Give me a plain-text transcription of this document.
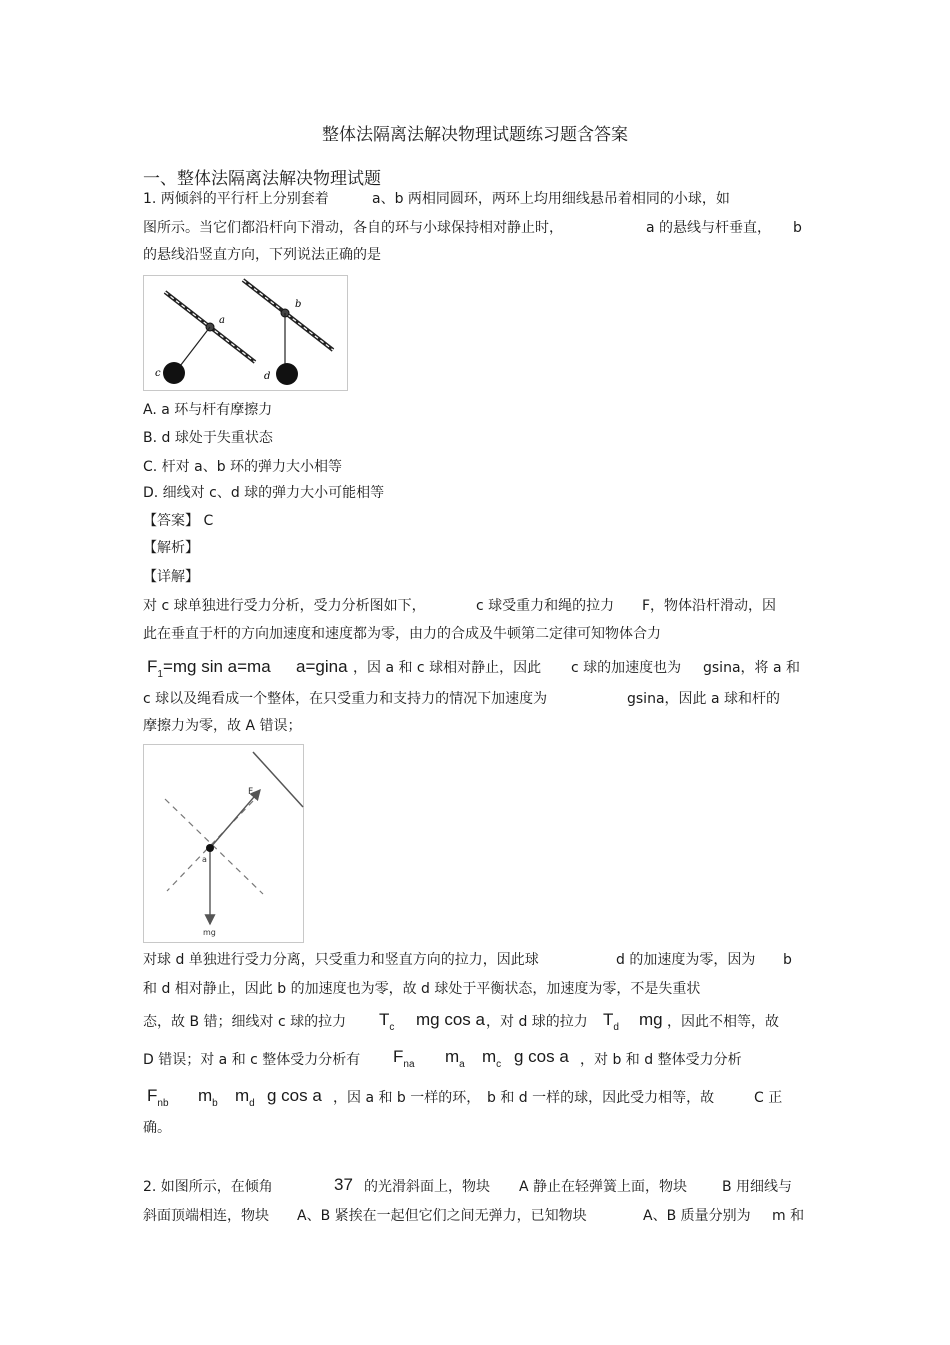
整体法隔离法解决物理试题练习题含答案
一、整体法隔离法解决物理试题
1. 两倾斜的平行杆上分别套着	a、b 两相同圆环，两环上均用细线悬吊着相同的小球，如
图所示。当它们都沿杆向下滑动，各自的环与小球保持相对静止时，	a 的悬线与杆垂直， b
的悬线沿竖直方向，下列说法正确的是
c
a
b
d
A. a 环与杆有摩擦力
B. d 球处于失重状态
C. 杆对 a、b 环的弹力大小相等
D. 细线对 c、d 球的弹力大小可能相等
【答案】 C
【解析】
【详解】
对 c 球单独进行受力分析，受力分析图如下，	c 球受重力和绳的拉力 F，物体沿杆滑动，因
此在垂直于杆的方向加速度和速度都为零，由力的合成及牛顿第二定律可知物体合力
$F_1=mg$ sin a=ma a=gina ，因 a 和 c 球相对静止，因此 c 球的加速度也为 gsina，将 a 和
c 球以及绳看成一个整体，在只受重力和支持力的情况下加速度为	gsina，因此 a 球和杆的
摩擦力为零，故 A 错误；
F
a
mg
对球 d 单独进行受力分离，只受重力和竖直方向的拉力，因此球	d 的加速度为零，因为 b
和 d 相对静止，因此 b 的加速度也为零，故 d 球处于平衡状态，加速度为零，不是失重状
态，故 B 错；细线对 c 球的拉力 $T_c$ mg cos a ，对 d 球的拉力 $T_d$ mg ，因此不相等，故
D 错误；对 a 和 c 整体受力分析有 $F_{na}$ $m_a$ $m_c$ g cos a ，对 b 和 d 整体受力分析
$F_{nb}$ $m_b$ $m_d$ g cos a ，因 a 和 b 一样的环， b 和 d 一样的球，因此受力相等，故	C 正
确。
2. 如图所示，在倾角	37 的光滑斜面上，物块 A 静止在轻弹簧上面，物块 B 用细线与
斜面顶端相连，物块 A、B 紧挨在一起但它们之间无弹力，已知物块	A、B 质量分别为 m 和
